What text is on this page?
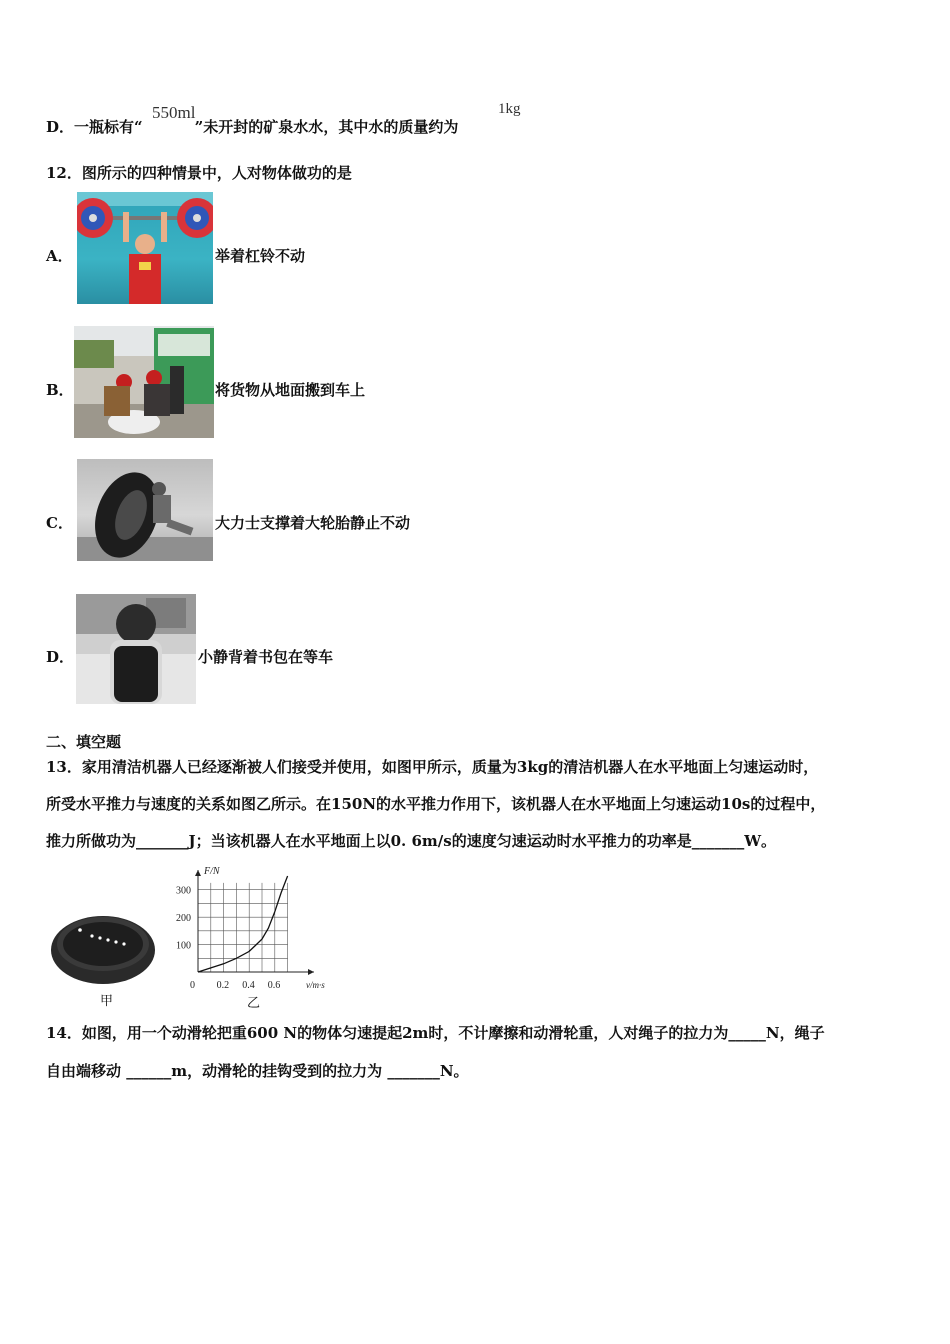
D．一瓶标有“	”未开封的矿泉水水，其中水的质量约为
550ml	1kg
12．图所示的四种情景中，人对物体做功的是
A．	举着杠铃不动
B．	将货物从地面搬到车上
C．	大力士支撑着大轮胎静止不动
D．	小静背着书包在等车
二、填空题
13．家用清洁机器人已经逐渐被人们接受并使用，如图甲所示，质量为3kg的清洁机器人在水平地面上匀速运动时，
所受水平推力与速度的关系如图乙所示。在150N的水平推力作用下，该机器人在水平地面上匀速运动10s的过程中，
推力所做功为_______J；当该机器人在水平地面上以0. 6m/s的速度匀速运动时水平推力的功率是_______W。
甲
F/N
v/m·s
0 0.2 0.4 0.6
100
200
300
乙
14．如图，用一个动滑轮把重600 N的物体匀速提起2m时，不计摩擦和动滑轮重，人对绳子的拉力为_____N，绳子
自由端移动 ______m，动滑轮的挂钩受到的拉力为 _______N。
